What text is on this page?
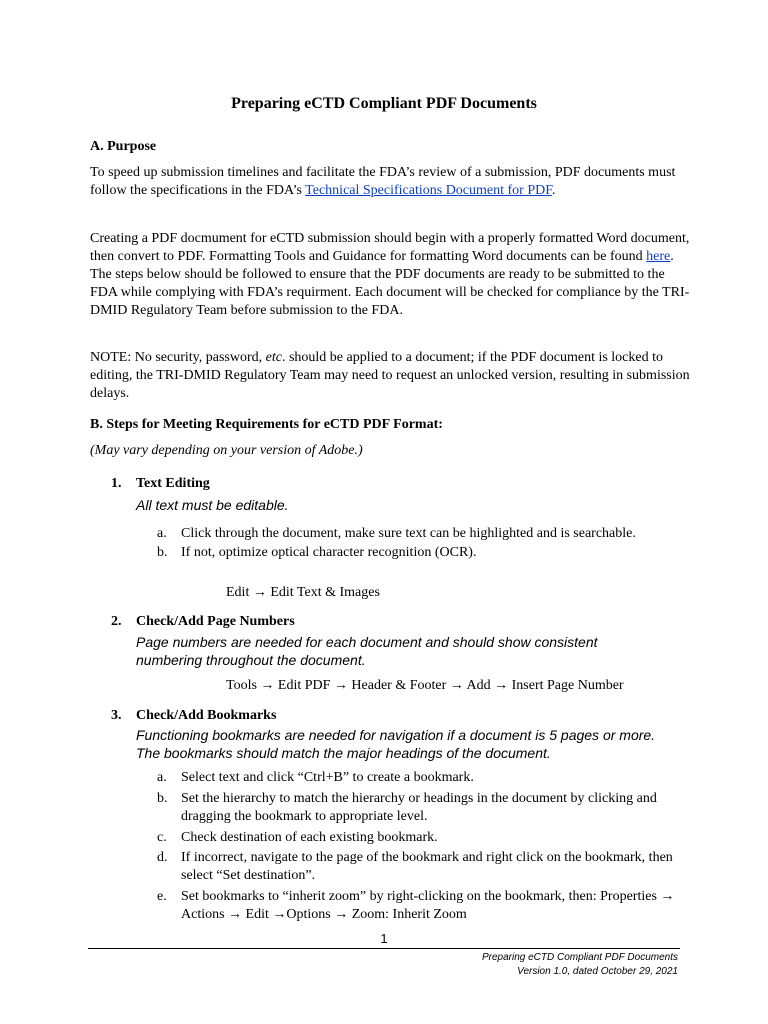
Preparing eCTD Compliant PDF Documents
A. Purpose
To speed up submission timelines and facilitate the FDA’s review of a submission, PDF documents must follow the specifications in the FDA’s Technical Specifications Document for PDF.
Creating a PDF docmument for eCTD submission should begin with a properly formatted Word document, then convert to PDF. Formatting Tools and Guidance for formatting Word documents can be found here. The steps below should be followed to ensure that the PDF documents are ready to be submitted to the FDA while complying with FDA’s requirment. Each document will be checked for compliance by the TRI-DMID Regulatory Team before submission to the FDA.
NOTE: No security, password, etc. should be applied to a document; if the PDF document is locked to editing, the TRI-DMID Regulatory Team may need to request an unlocked version, resulting in submission delays.
B. Steps for Meeting Requirements for eCTD PDF Format:
(May vary depending on your version of Adobe.)
1. Text Editing
All text must be editable.
a. Click through the document, make sure text can be highlighted and is searchable.
b. If not, optimize optical character recognition (OCR).
Edit → Edit Text & Images
2. Check/Add Page Numbers
Page numbers are needed for each document and should show consistent numbering throughout the document.
Tools → Edit PDF → Header & Footer → Add → Insert Page Number
3. Check/Add Bookmarks
Functioning bookmarks are needed for navigation if a document is 5 pages or more. The bookmarks should match the major headings of the document.
a. Select text and click “Ctrl+B” to create a bookmark.
b. Set the hierarchy to match the hierarchy or headings in the document by clicking and dragging the bookmark to appropriate level.
c. Check destination of each existing bookmark.
d. If incorrect, navigate to the page of the bookmark and right click on the bookmark, then select “Set destination”.
e. Set bookmarks to “inherit zoom” by right-clicking on the bookmark, then: Properties → Actions → Edit →Options → Zoom: Inherit Zoom
1
Preparing eCTD Compliant PDF Documents
Version 1.0, dated October 29, 2021
